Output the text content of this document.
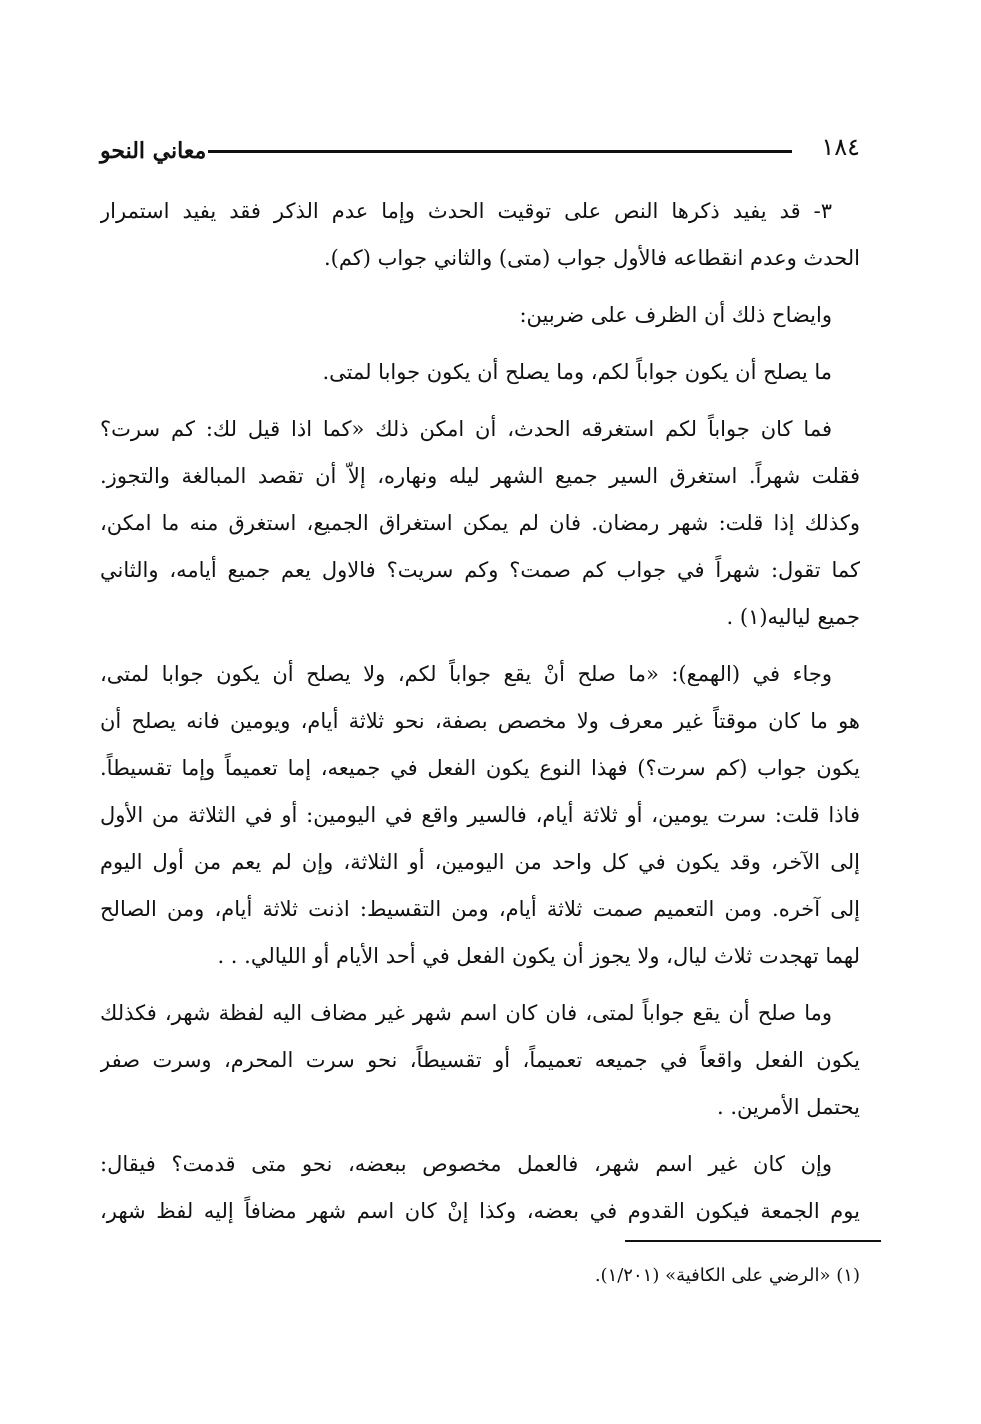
١٨٤
معاني النحو
٣- قد يفيد ذكرها النص على توقيت الحدث وإما عدم الذكر فقد يفيد استمرار
الحدث وعدم انقطاعه فالأول جواب (متى) والثاني جواب (كم).
وايضاح ذلك أن الظرف على ضربين:
ما يصلح أن يكون جواباً لكم، وما يصلح أن يكون جوابا لمتى.
فما كان جواباً لكم استغرقه الحدث، أن امكن ذلك «كما اذا قيل لك: كم سرت؟
فقلت شهراً. استغرق السير جميع الشهر ليله ونهاره، إلاّ أن تقصد المبالغة والتجوز.
وكذلك إذا قلت: شهر رمضان. فان لم يمكن استغراق الجميع، استغرق منه ما امكن،
كما تقول: شهراً في جواب كم صمت؟ وكم سريت؟ فالاول يعم جميع أيامه، والثاني
جميع لياليه(١) .
وجاء في (الهمع): «ما صلح أنْ يقع جواباً لكم، ولا يصلح أن يكون جوابا لمتى،
هو ما كان موقتاً غير معرف ولا مخصص بصفة، نحو ثلاثة أيام، ويومين فانه يصلح أن
يكون جواب (كم سرت؟) فهذا النوع يكون الفعل في جميعه، إما تعميماً وإما تقسيطاً.
فاذا قلت: سرت يومين، أو ثلاثة أيام، فالسير واقع في اليومين: أو في الثلاثة من الأول
إلى الآخر، وقد يكون في كل واحد من اليومين، أو الثلاثة، وإن لم يعم من أول اليوم
إلى آخره. ومن التعميم صمت ثلاثة أيام، ومن التقسيط: اذنت ثلاثة أيام، ومن الصالح
لهما تهجدت ثلاث ليال، ولا يجوز أن يكون الفعل في أحد الأيام أو الليالي. . .
وما صلح أن يقع جواباً لمتى، فان كان اسم شهر غير مضاف اليه لفظة شهر، فكذلك
يكون الفعل واقعاً في جميعه تعميماً، أو تقسيطاً، نحو سرت المحرم، وسرت صفر
يحتمل الأمرين. .
وإن كان غير اسم شهر، فالعمل مخصوص ببعضه، نحو متى قدمت؟ فيقال:
يوم الجمعة فيكون القدوم في بعضه، وكذا إنْ كان اسم شهر مضافاً إليه لفظ شهر،
(١) «الرضي على الكافية» (١/٢٠١).
